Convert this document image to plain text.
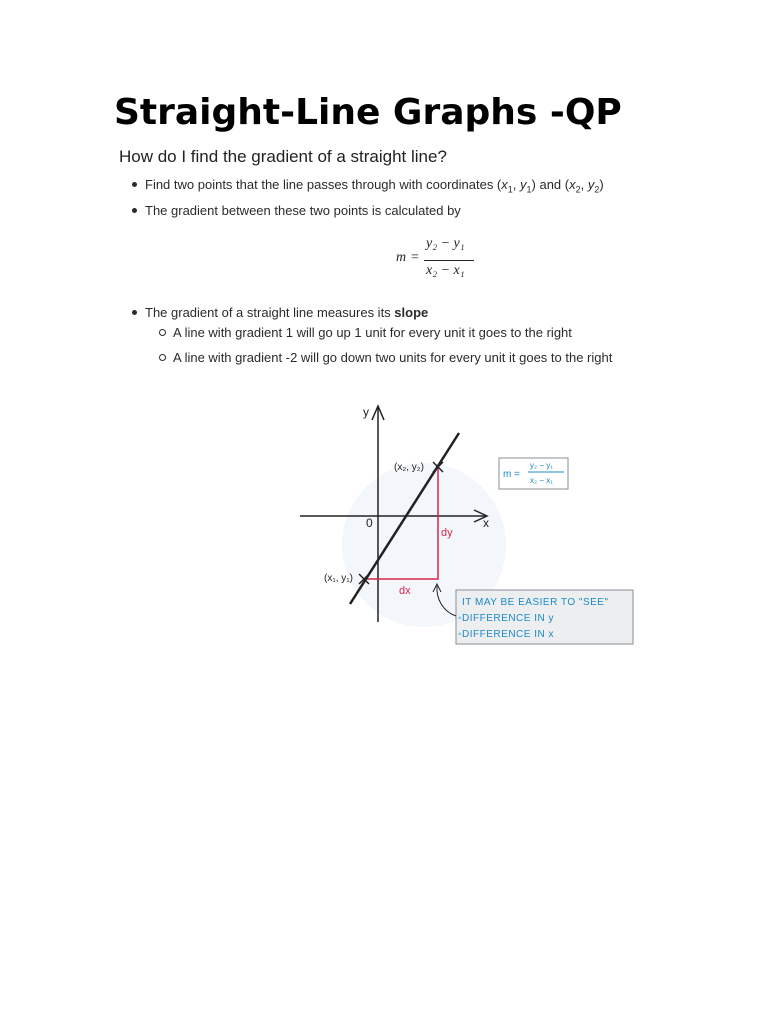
Straight-Line Graphs -QP
How do I find the gradient of a straight line?
Find two points that the line passes through with coordinates ($x_1$, $y_1$) and ($x_2$, $y_2$)
The gradient between these two points is calculated by
m =
y₂ − y₁
x₂ − x₁
The gradient of a straight line measures its slope
A line with gradient 1 will go up 1 unit for every unit it goes to the right
A line with gradient -2 will go down two units for every unit it goes to the right
y
x
0
dy
dx
(x₂, y₂)
(x₁, y₁)
m =
y₂ − y₁
x₂ − x₁
IT MAY BE EASIER TO "SEE"
◦DIFFERENCE IN y
◦DIFFERENCE IN x
